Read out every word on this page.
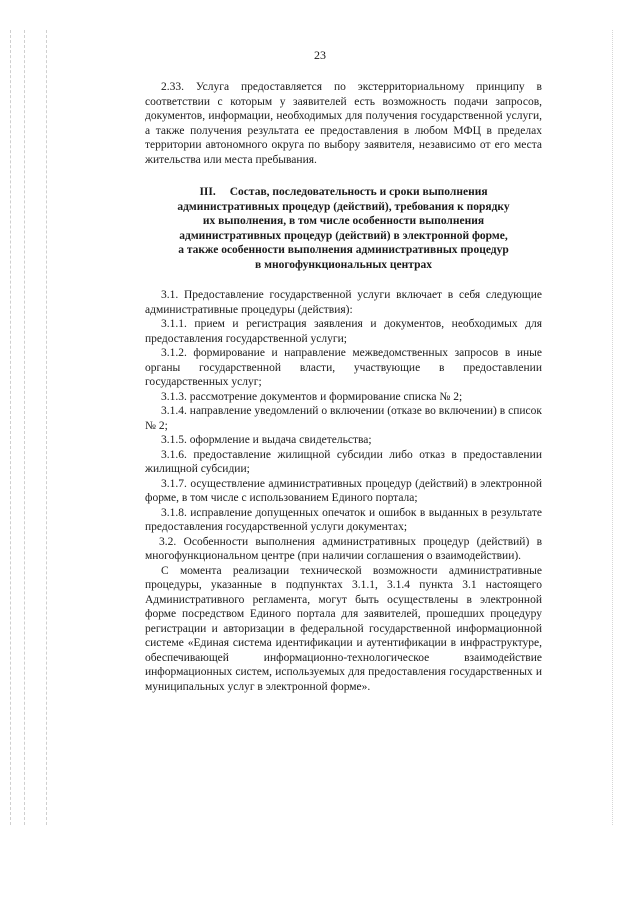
23

2.33. Услуга предоставляется по экстерриториальному принципу в соответствии с которым у заявителей есть возможность подачи запросов, документов, информации, необходимых для получения государственной услуги, а также получения результата ее предоставления в любом МФЦ в пределах территории автономного округа по выбору заявителя, независимо от его места жительства или места пребывания.

III. Состав, последовательность и сроки выполнения
административных процедур (действий), требования к порядку
их выполнения, в том числе особенности выполнения
административных процедур (действий) в электронной форме,
а также особенности выполнения административных процедур
в многофункциональных центрах

3.1. Предоставление государственной услуги включает в себя следующие административные процедуры (действия):

3.1.1. прием и регистрация заявления и документов, необходимых для предоставления государственной услуги;

3.1.2. формирование и направление межведомственных запросов в иные органы государственной власти, участвующие в предоставлении государственных услуг;

3.1.3. рассмотрение документов и формирование списка № 2;

3.1.4. направление уведомлений о включении (отказе во включении) в список № 2;

3.1.5. оформление и выдача свидетельства;

3.1.6. предоставление жилищной субсидии либо отказ в предоставлении жилищной субсидии;

3.1.7. осуществление административных процедур (действий) в электронной форме, в том числе с использованием Единого портала;

3.1.8. исправление допущенных опечаток и ошибок в выданных в результате предоставления государственной услуги документах;

3.2. Особенности выполнения административных процедур (действий) в многофункциональном центре (при наличии соглашения о взаимодействии).

С момента реализации технической возможности административные процедуры, указанные в подпунктах 3.1.1, 3.1.4 пункта 3.1 настоящего Административного регламента, могут быть осуществлены в электронной форме посредством Единого портала для заявителей, прошедших процедуру регистрации и авторизации в федеральной государственной информационной системе «Единая система идентификации и аутентификации в инфраструктуре, обеспечивающей информационно-технологическое взаимодействие информационных систем, используемых для предоставления государственных и муниципальных услуг в электронной форме».
